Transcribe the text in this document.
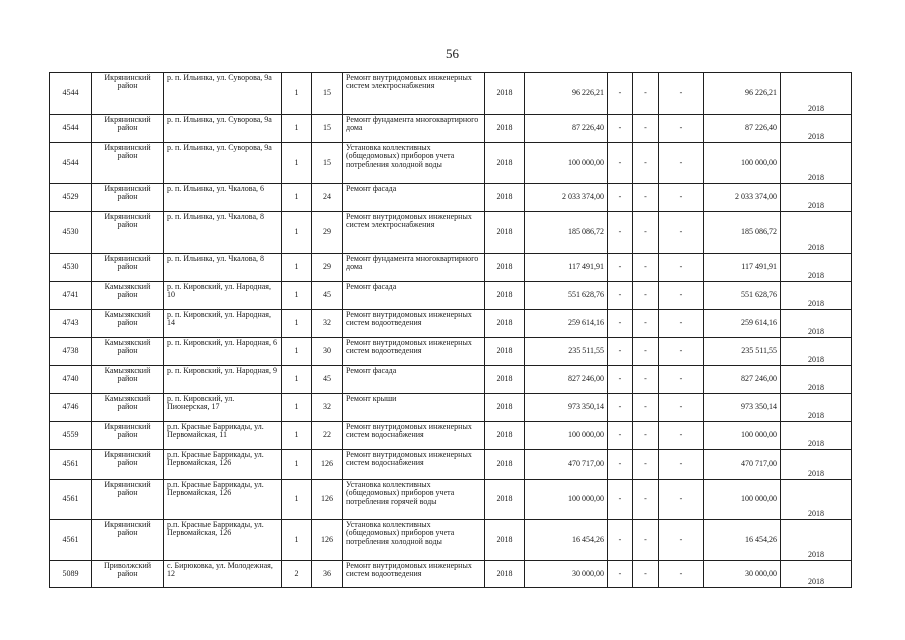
56
4544	Икрянинский район	р. п. Ильинка, ул. Суворова, 9а	1	15	Ремонт внутридомовых инженерных систем электроснабжения	2018	96 226,21	-	-	-	96 226,21	2018
4544	Икрянинский район	р. п. Ильинка, ул. Суворова, 9а	1	15	Ремонт фундамента многоквартирного дома	2018	87 226,40	-	-	-	87 226,40	2018
4544	Икрянинский район	р. п. Ильинка, ул. Суворова, 9а	1	15	Установка коллективных (общедомовых) приборов учета потребления холодной воды	2018	100 000,00	-	-	-	100 000,00	2018
4529	Икрянинский район	р. п. Ильинка, ул. Чкалова, 6	1	24	Ремонт фасада	2018	2 033 374,00	-	-	-	2 033 374,00	2018
4530	Икрянинский район	р. п. Ильинка, ул. Чкалова, 8	1	29	Ремонт внутридомовых инженерных систем электроснабжения	2018	185 086,72	-	-	-	185 086,72	2018
4530	Икрянинский район	р. п. Ильинка, ул. Чкалова, 8	1	29	Ремонт фундамента многоквартирного дома	2018	117 491,91	-	-	-	117 491,91	2018
4741	Камызякский район	р. п. Кировский, ул. Народная, 10	1	45	Ремонт фасада	2018	551 628,76	-	-	-	551 628,76	2018
4743	Камызякский район	р. п. Кировский, ул. Народная, 14	1	32	Ремонт внутридомовых инженерных систем водоотведения	2018	259 614,16	-	-	-	259 614,16	2018
4738	Камызякский район	р. п. Кировский, ул. Народная, 6	1	30	Ремонт внутридомовых инженерных систем водоотведения	2018	235 511,55	-	-	-	235 511,55	2018
4740	Камызякский район	р. п. Кировский, ул. Народная, 9	1	45	Ремонт фасада	2018	827 246,00	-	-	-	827 246,00	2018
4746	Камызякский район	р. п. Кировский, ул. Пионерская, 17	1	32	Ремонт крыши	2018	973 350,14	-	-	-	973 350,14	2018
4559	Икрянинский район	р.п. Красные Баррикады, ул. Первомайская, 11	1	22	Ремонт внутридомовых инженерных систем водоснабжения	2018	100 000,00	-	-	-	100 000,00	2018
4561	Икрянинский район	р.п. Красные Баррикады, ул. Первомайская, 126	1	126	Ремонт внутридомовых инженерных систем водоснабжения	2018	470 717,00	-	-	-	470 717,00	2018
4561	Икрянинский район	р.п. Красные Баррикады, ул. Первомайская, 126	1	126	Установка коллективных (общедомовых) приборов учета потребления горячей воды	2018	100 000,00	-	-	-	100 000,00	2018
4561	Икрянинский район	р.п. Красные Баррикады, ул. Первомайская, 126	1	126	Установка коллективных (общедомовых) приборов учета потребления холодной воды	2018	16 454,26	-	-	-	16 454,26	2018
5089	Приволжский район	с. Бирюковка, ул. Молодежная, 12	2	36	Ремонт внутридомовых инженерных систем водоотведения	2018	30 000,00	-	-	-	30 000,00	2018
